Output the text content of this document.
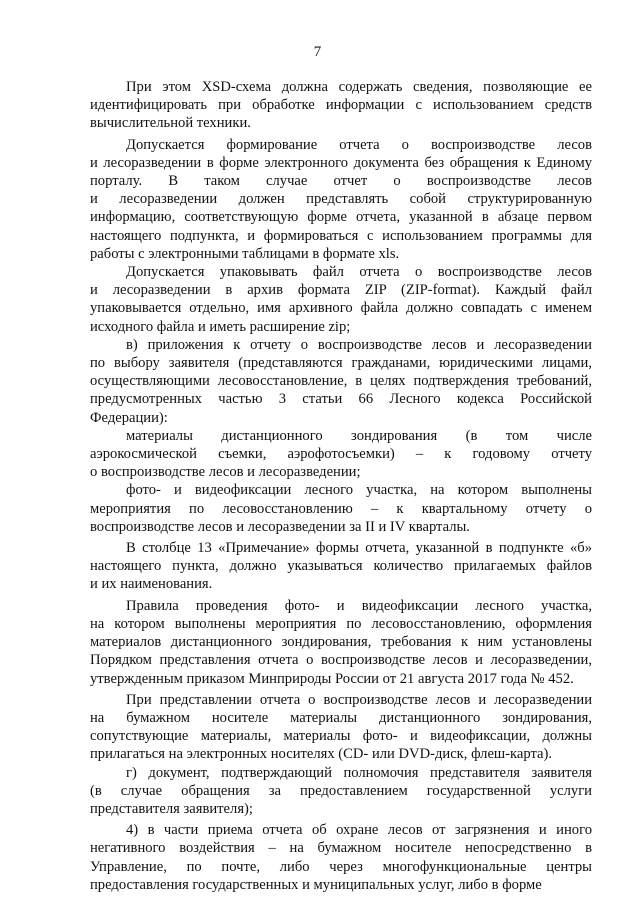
7

При этом XSD-схема должна содержать сведения, позволяющие ее
идентифицировать при обработке информации с использованием средств
вычислительной техники.

Допускается формирование отчета о воспроизводстве лесов
и лесоразведении в форме электронного документа без обращения к Единому
порталу. В таком случае отчет о воспроизводстве лесов
и лесоразведении должен представлять собой структурированную
информацию, соответствующую форме отчета, указанной в абзаце первом
настоящего подпункта, и формироваться с использованием программы для
работы с электронными таблицами в формате xls.

Допускается упаковывать файл отчета о воспроизводстве лесов
и лесоразведении в архив формата ZIP (ZIP-format). Каждый файл
упаковывается отдельно, имя архивного файла должно совпадать с именем
исходного файла и иметь расширение zip;

в) приложения к отчету о воспроизводстве лесов и лесоразведении
по выбору заявителя (представляются гражданами, юридическими лицами,
осуществляющими лесовосстановление, в целях подтверждения требований,
предусмотренных частью 3 статьи 66 Лесного кодекса Российской
Федерации):

материалы дистанционного зондирования (в том числе
аэрокосмической съемки, аэрофотосъемки) – к годовому отчету
о воспроизводстве лесов и лесоразведении;

фото- и видеофиксации лесного участка, на котором выполнены
мероприятия по лесовосстановлению – к квартальному отчету о
воспроизводстве лесов и лесоразведении за II и IV кварталы.

В столбце 13 «Примечание» формы отчета, указанной в подпункте «б»
настоящего пункта, должно указываться количество прилагаемых файлов
и их наименования.

Правила проведения фото- и видеофиксации лесного участка,
на котором выполнены мероприятия по лесовосстановлению, оформления
материалов дистанционного зондирования, требования к ним установлены
Порядком представления отчета о воспроизводстве лесов и лесоразведении,
утвержденным приказом Минприроды России от 21 августа 2017 года № 452.

При представлении отчета о воспроизводстве лесов и лесоразведении
на бумажном носителе материалы дистанционного зондирования,
сопутствующие материалы, материалы фото- и видеофиксации, должны
прилагаться на электронных носителях (CD- или DVD-диск, флеш-карта).

г) документ, подтверждающий полномочия представителя заявителя
(в случае обращения за предоставлением государственной услуги
представителя заявителя);

4) в части приема отчета об охране лесов от загрязнения и иного
негативного воздействия – на бумажном носителе непосредственно в
Управление, по почте, либо через многофункциональные центры
предоставления государственных и муниципальных услуг, либо в форме
